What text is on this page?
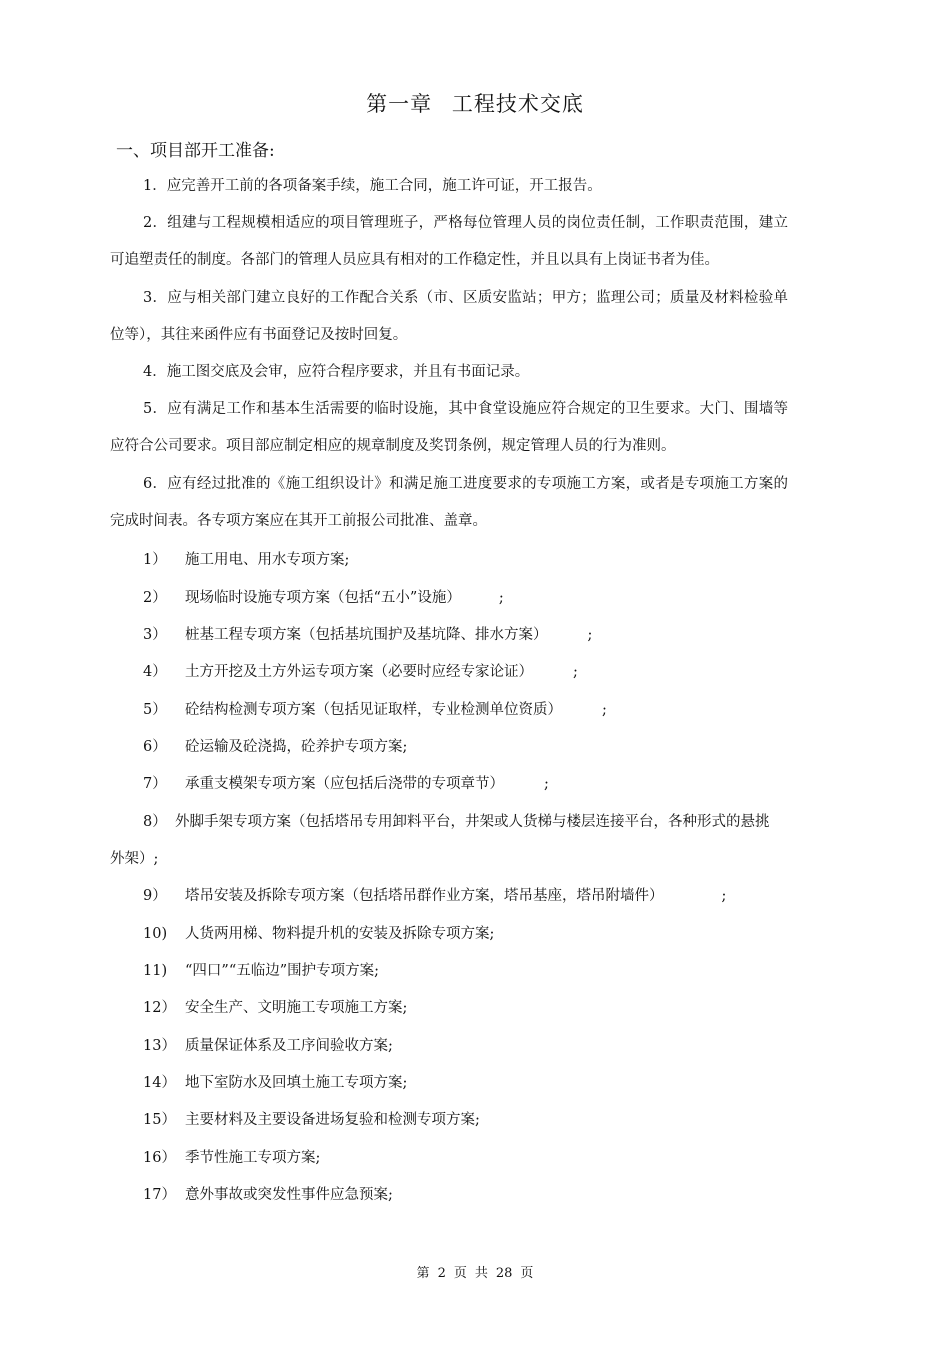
第一章 工程技术交底
一、项目部开工准备:
1．应完善开工前的各项备案手续，施工合同，施工许可证，开工报告。
2．组建与工程规模相适应的项目管理班子，严格每位管理人员的岗位责任制，工作职责范围，建立可追塑责任的制度。各部门的管理人员应具有相对的工作稳定性，并且以具有上岗证书者为佳。
3．应与相关部门建立良好的工作配合关系（市、区质安监站；甲方；监理公司；质量及材料检验单位等），其往来函件应有书面登记及按时回复。
4．施工图交底及会审，应符合程序要求，并且有书面记录。
5．应有满足工作和基本生活需要的临时设施，其中食堂设施应符合规定的卫生要求。大门、围墙等应符合公司要求。项目部应制定相应的规章制度及奖罚条例，规定管理人员的行为准则。
6．应有经过批准的《施工组织设计》和满足施工进度要求的专项施工方案，或者是专项施工方案的完成时间表。各专项方案应在其开工前报公司批准、盖章。
1） 施工用电、用水专项方案;
2） 现场临时设施专项方案（包括“五小”设施）	;
3） 桩基工程专项方案（包括基坑围护及基坑降、排水方案）	;
4） 土方开挖及土方外运专项方案（必要时应经专家论证）	;
5） 砼结构检测专项方案（包括见证取样，专业检测单位资质）	;
6） 砼运输及砼浇捣，砼养护专项方案;
7） 承重支模架专项方案（应包括后浇带的专项章节）	;
8） 外脚手架专项方案（包括塔吊专用卸料平台，井架或人货梯与楼层连接平台，各种形式的悬挑
外架）;
9） 塔吊安装及拆除专项方案（包括塔吊群作业方案，塔吊基座，塔吊附墙件）	;
10) 人货两用梯、物料提升机的安装及拆除专项方案;
11) “四口”“五临边”围护专项方案;
12） 安全生产、文明施工专项施工方案;
13） 质量保证体系及工序间验收方案;
14） 地下室防水及回填土施工专项方案;
15） 主要材料及主要设备进场复验和检测专项方案;
16） 季节性施工专项方案;
17） 意外事故或突发性事件应急预案;
第 2 页 共 28 页
